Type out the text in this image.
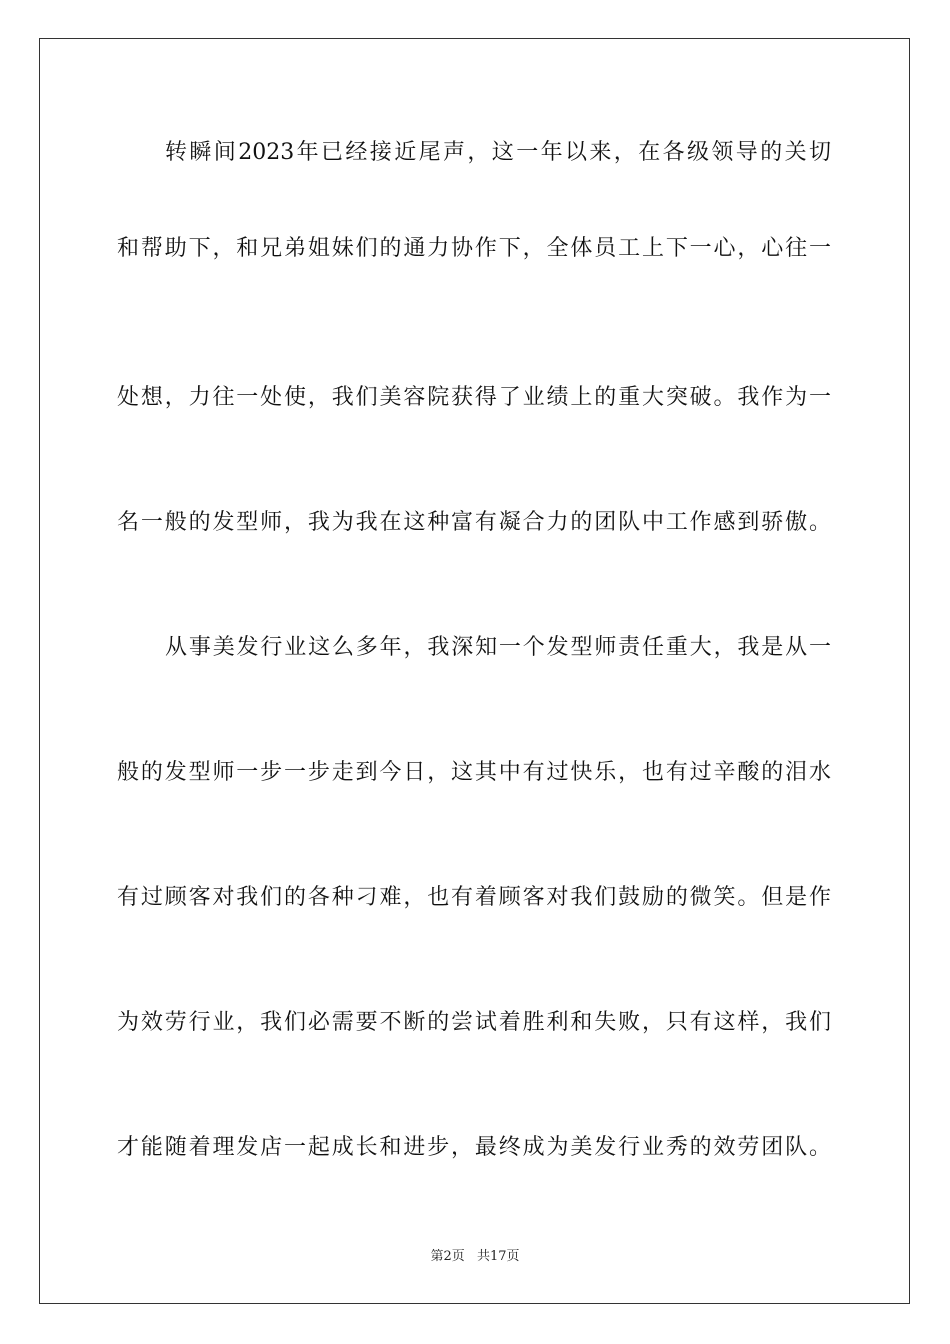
转瞬间2023年已经接近尾声，这一年以来，在各级领导的关切
和帮助下，和兄弟姐妹们的通力协作下，全体员工上下一心，心往一
处想，力往一处使，我们美容院获得了业绩上的重大突破。我作为一
名一般的发型师，我为我在这种富有凝合力的团队中工作感到骄傲。
从事美发行业这么多年，我深知一个发型师责任重大，我是从一
般的发型师一步一步走到今日，这其中有过快乐，也有过辛酸的泪水
有过顾客对我们的各种刁难，也有着顾客对我们鼓励的微笑。但是作
为效劳行业，我们必需要不断的尝试着胜利和失败，只有这样，我们
才能随着理发店一起成长和进步，最终成为美发行业秀的效劳团队。
第2页 共17页
